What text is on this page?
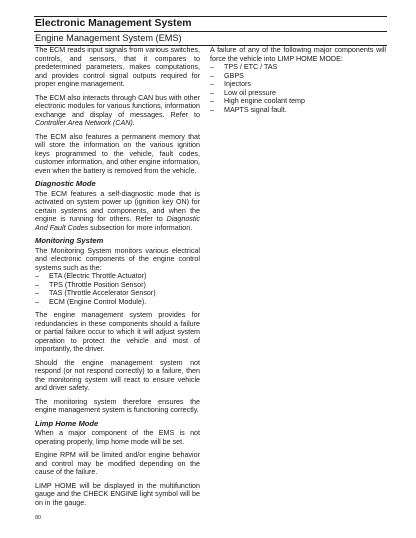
Electronic Management System
Engine Management System (EMS)

The ECM reads input signals from various switches, controls, and sensors, that it compares to predetermined parameters, makes computations, and provides control signal outputs required for proper engine management.

The ECM also interacts through CAN bus with other electronic modules for various functions, information exchange and display of messages. Refer to Controller Area Network (CAN).

The ECM also features a permanent memory that will store the information on the various ignition keys programmed to the vehicle, fault codes, customer information, and other engine information, even when the battery is removed from the vehicle.

Diagnostic Mode

The ECM features a self-diagnostic mode that is activated on system power up (ignition key ON) for certain systems and components, and when the engine is running for others. Refer to Diagnostic And Fault Codes subsection for more information.

Monitoring System

The Monitoring System monitors various electrical and electronic components of the engine control systems such as the:

– ETA (Electric Throttle Actuator)
– TPS (Throttle Position Sensor)
– TAS (Throttle Accelerator Sensor)
– ECM (Engine Control Module).

The engine management system provides for redundancies in these components should a failure or partial failure occur to which it will adjust system operation to protect the vehicle and most of importantly, the driver.

Should the engine management system not respond (or not respond correctly) to a failure, then the monitoring system will react to ensure vehicle and driver safety.

The monitoring system therefore ensures the engine management system is functioning correctly.

Limp Home Mode

When a major component of the EMS is not operating properly, limp home mode will be set.

Engine RPM will be limited and/or engine behavior and control may be modified depending on the cause of the failure.

LIMP HOME will be displayed in the multifunction gauge and the CHECK ENGINE light symbol will be on in the gauge.

A failure of any of the following major components will force the vehicle into LIMP HOME MODE:

– TPS / ETC / TAS
– GBPS
– Injectors
– Low oil pressure
– High engine coolant temp
– MAPTS signal fault.
80
